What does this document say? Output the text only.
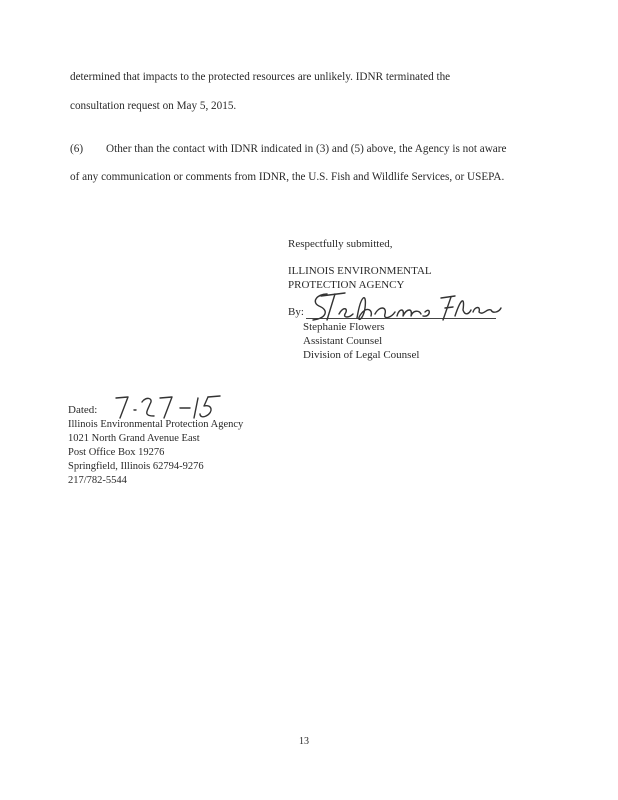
determined that impacts to the protected resources are unlikely. IDNR terminated the
consultation request on May 5, 2015.
(6) Other than the contact with IDNR indicated in (3) and (5) above, the Agency is not aware
of any communication or comments from IDNR, the U.S. Fish and Wildlife Services, or USEPA.
Respectfully submitted,
ILLINOIS ENVIRONMENTAL
PROTECTION AGENCY
By:
Stephanie Flowers
Assistant Counsel
Division of Legal Counsel
Dated:
Illinois Environmental Protection Agency
1021 North Grand Avenue East
Post Office Box 19276
Springfield, Illinois 62794-9276
217/782-5544
13
